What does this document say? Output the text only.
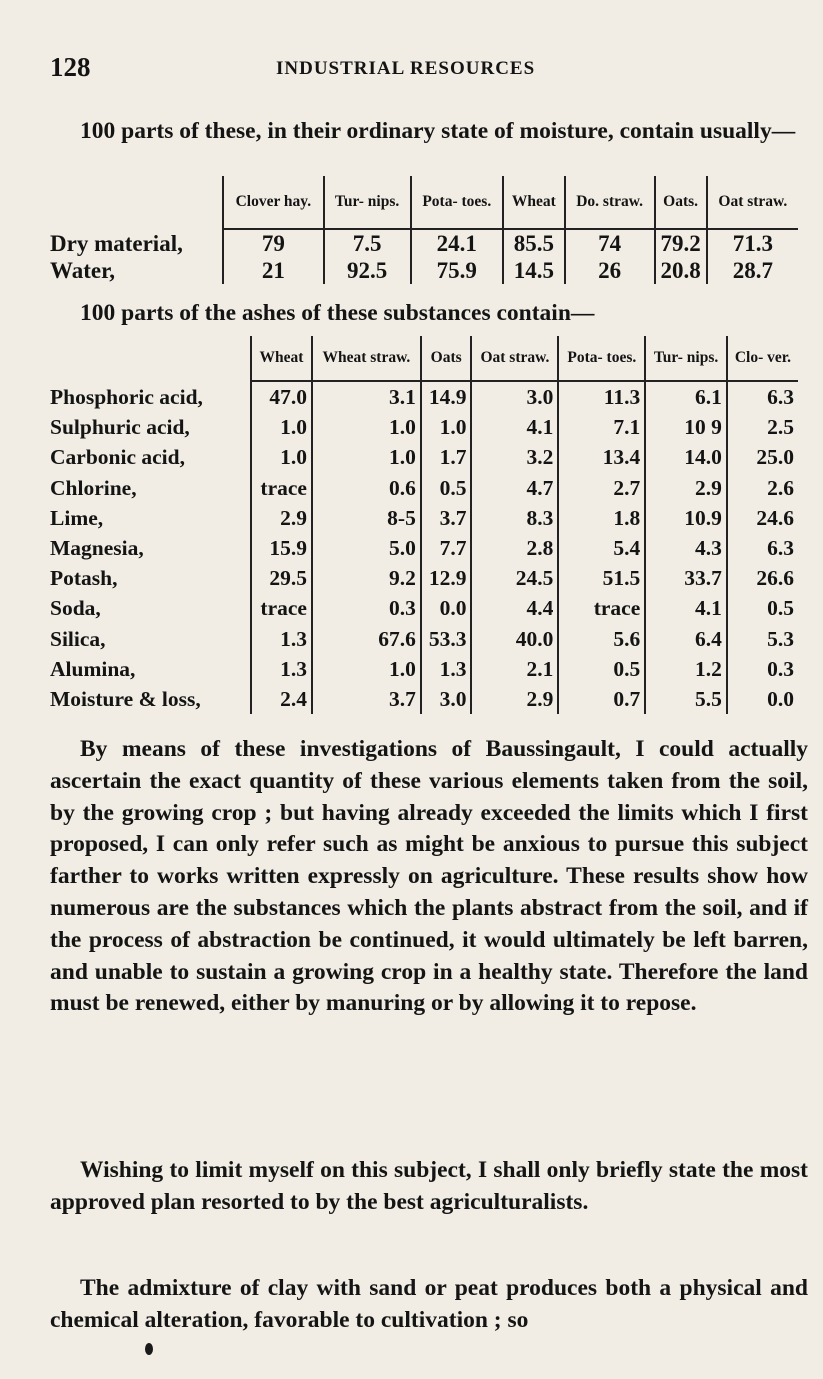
128	INDUSTRIAL RESOURCES

100 parts of these, in their ordinary state of moisture, contain usually—

	Clover hay.	Tur- nips.	Pota- toes.	Wheat	Do. straw.	Oats.	Oat straw.
Dry material,	79	7.5	24.1	85.5	74	79.2	71.3
Water,	21	92.5	75.9	14.5	26	20.8	28.7

100 parts of the ashes of these substances contain—

	Wheat	Wheat straw.	Oats	Oat straw.	Pota- toes.	Tur- nips.	Clo- ver.
Phosphoric acid,	47.0	3.1	14.9	3.0	11.3	6.1	6.3
Sulphuric acid,	1.0	1.0	1.0	4.1	7.1	10 9	2.5
Carbonic acid,	1.0	1.0	1.7	3.2	13.4	14.0	25.0
Chlorine,	trace	0.6	0.5	4.7	2.7	2.9	2.6
Lime,	2.9	8-5	3.7	8.3	1.8	10.9	24.6
Magnesia,	15.9	5.0	7.7	2.8	5.4	4.3	6.3
Potash,	29.5	9.2	12.9	24.5	51.5	33.7	26.6
Soda,	trace	0.3	0.0	4.4	trace	4.1	0.5
Silica,	1.3	67.6	53.3	40.0	5.6	6.4	5.3
Alumina,	1.3	1.0	1.3	2.1	0.5	1.2	0.3
Moisture & loss,	2.4	3.7	3.0	2.9	0.7	5.5	0.0

By means of these investigations of Baussingault, I could actually ascertain the exact quantity of these various elements taken from the soil, by the growing crop ; but having already exceeded the limits which I first proposed, I can only refer such as might be anxious to pursue this subject farther to works written expressly on agriculture. These results show how numerous are the substances which the plants abstract from the soil, and if the process of abstraction be continued, it would ultimately be left barren, and unable to sustain a growing crop in a healthy state. Therefore the land must be renewed, either by manuring or by allowing it to repose.

Wishing to limit myself on this subject, I shall only briefly state the most approved plan resorted to by the best agriculturalists.

The admixture of clay with sand or peat produces both a physical and chemical alteration, favorable to cultivation ; so
